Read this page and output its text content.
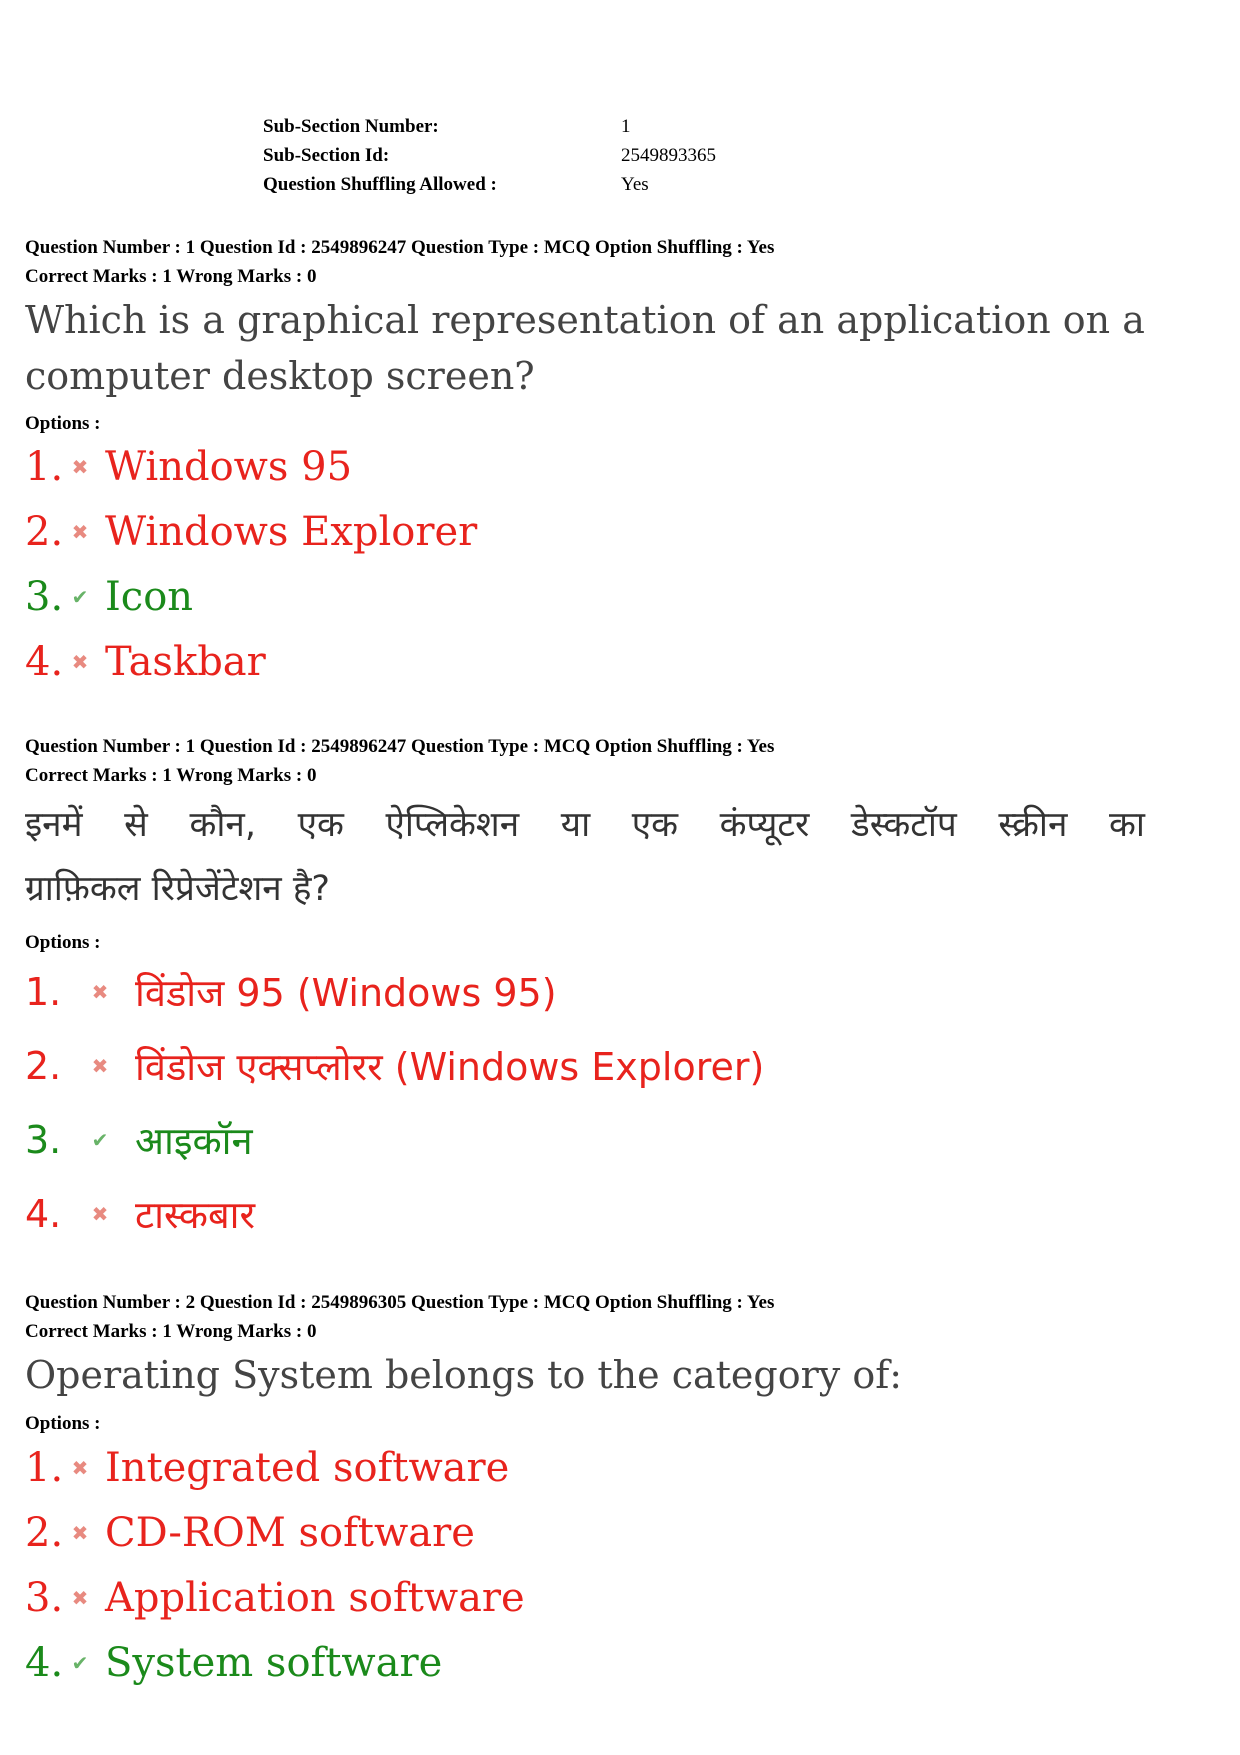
Sub-Section Number:	1
Sub-Section Id:	2549893365
Question Shuffling Allowed :	Yes
Question Number : 1 Question Id : 2549896247 Question Type : MCQ Option Shuffling : Yes
Correct Marks : 1 Wrong Marks : 0
Which is a graphical representation of an application on a
computer desktop screen?
Options :
1. ✖ Windows 95
2. ✖ Windows Explorer
3. ✔ Icon
4. ✖ Taskbar
Question Number : 1 Question Id : 2549896247 Question Type : MCQ Option Shuffling : Yes
Correct Marks : 1 Wrong Marks : 0
इनमें से कौन, एक ऐप्लिकेशन या एक कंप्यूटर डेस्कटॉप स्क्रीन का
ग्राफ़िकल रिप्रेजेंटेशन है?
Options :
1.	✖ विंडोज 95 (Windows 95)
2.	✖ विंडोज एक्सप्लोरर (Windows Explorer)
3.	✔ आइकॉन
4.	✖ टास्कबार
Question Number : 2 Question Id : 2549896305 Question Type : MCQ Option Shuffling : Yes
Correct Marks : 1 Wrong Marks : 0
Operating System belongs to the category of:
Options :
1. ✖ Integrated software
2. ✖ CD-ROM software
3. ✖ Application software
4. ✔ System software
